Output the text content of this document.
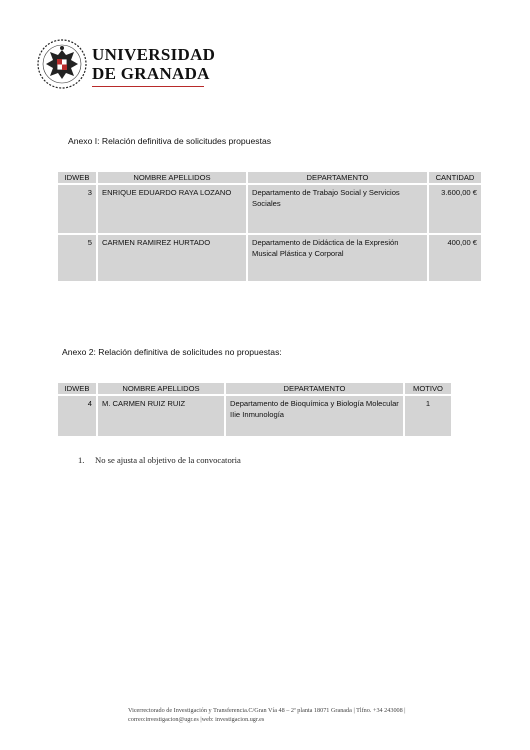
UNIVERSIDAD
DE GRANADA
Anexo I: Relación definitiva de solicitudes propuestas
IDWEB	NOMBRE APELLIDOS	DEPARTAMENTO	CANTIDAD
3	ENRIQUE EDUARDO RAYA LOZANO	Departamento de Trabajo Social y Servicios Sociales	3.600,00 €
5	CARMEN RAMIREZ HURTADO	Departamento de Didáctica de la Expresión Musical Plástica y Corporal	400,00 €
Anexo 2: Relación definitiva de solicitudes no propuestas:
IDWEB	NOMBRE APELLIDOS	DEPARTAMENTO	MOTIVO
4	M. CARMEN RUIZ RUIZ	Departamento de Bioquímica y Biología Molecular IIie Inmunología	1
1. No se ajusta al objetivo de la convocatoria
Vicerrectorado de Investigación y Transferencia.C/Gran Vía 48 – 2ª planta 18071 Granada | Tlfno. +34 243008 |
correo:investigacion@ugr.es |web: investigacion.ugr.es
